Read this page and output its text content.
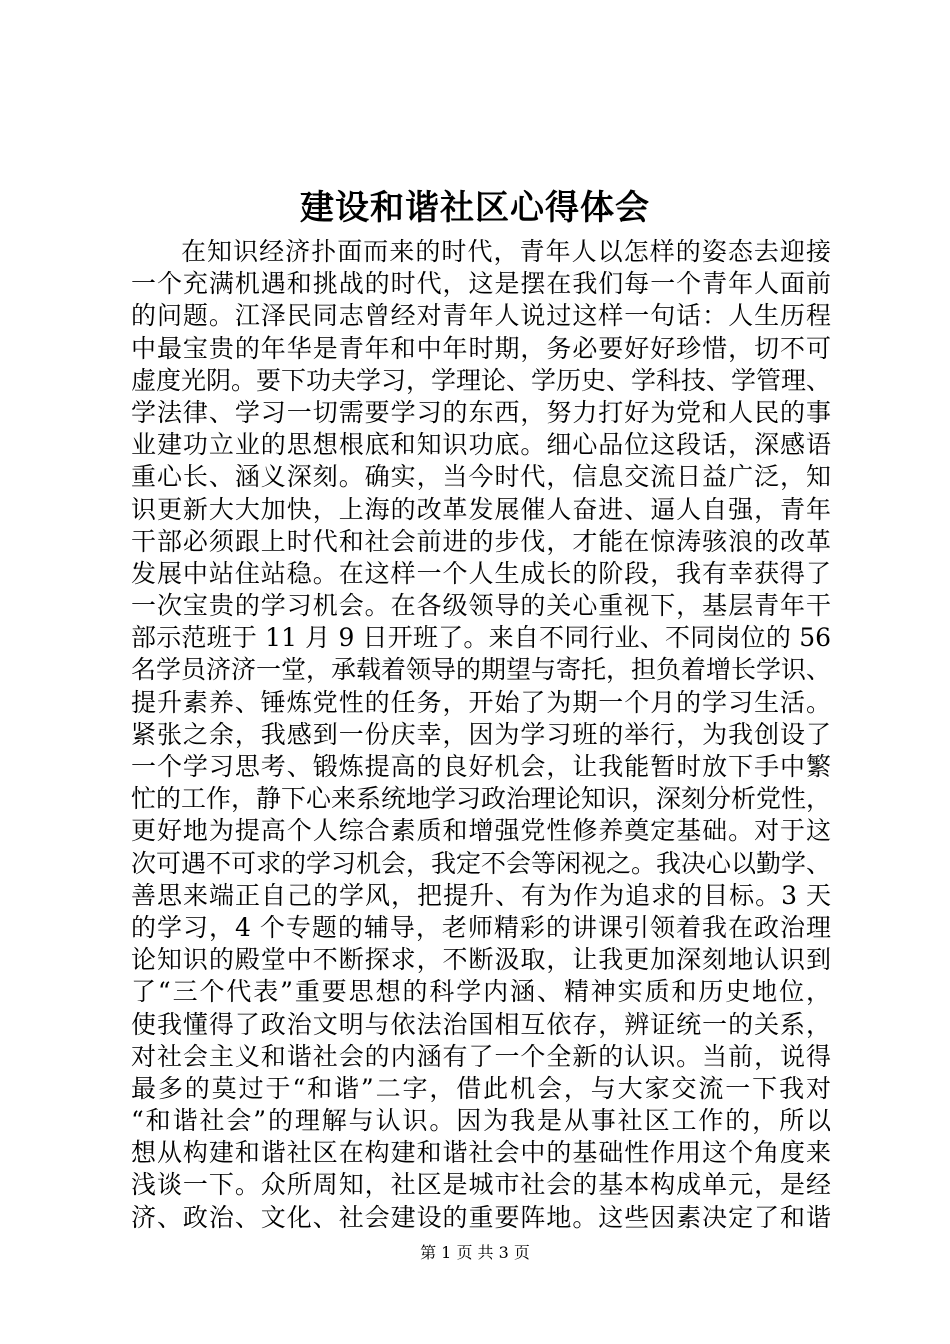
建设和谐社区心得体会
在知识经济扑面而来的时代，青年人以怎样的姿态去迎接
一个充满机遇和挑战的时代，这是摆在我们每一个青年人面前
的问题。江泽民同志曾经对青年人说过这样一句话：人生历程
中最宝贵的年华是青年和中年时期，务必要好好珍惜，切不可
虚度光阴。要下功夫学习，学理论、学历史、学科技、学管理、
学法律、学习一切需要学习的东西，努力打好为党和人民的事
业建功立业的思想根底和知识功底。细心品位这段话，深感语
重心长、涵义深刻。确实，当今时代，信息交流日益广泛，知
识更新大大加快，上海的改革发展催人奋进、逼人自强，青年
干部必须跟上时代和社会前进的步伐，才能在惊涛骇浪的改革
发展中站住站稳。在这样一个人生成长的阶段，我有幸获得了
一次宝贵的学习机会。在各级领导的关心重视下，基层青年干
部示范班于 11 月 9 日开班了。来自不同行业、不同岗位的 56
名学员济济一堂，承载着领导的期望与寄托，担负着增长学识、
提升素养、锤炼党性的任务，开始了为期一个月的学习生活。
紧张之余，我感到一份庆幸，因为学习班的举行，为我创设了
一个学习思考、锻炼提高的良好机会，让我能暂时放下手中繁
忙的工作，静下心来系统地学习政治理论知识，深刻分析党性，
更好地为提高个人综合素质和增强党性修养奠定基础。对于这
次可遇不可求的学习机会，我定不会等闲视之。我决心以勤学、
善思来端正自己的学风，把提升、有为作为追求的目标。3 天
的学习，4 个专题的辅导，老师精彩的讲课引领着我在政治理
论知识的殿堂中不断探求，不断汲取，让我更加深刻地认识到
了“三个代表”重要思想的科学内涵、精神实质和历史地位，
使我懂得了政治文明与依法治国相互依存，辨证统一的关系，
对社会主义和谐社会的内涵有了一个全新的认识。当前，说得
最多的莫过于“和谐”二字，借此机会，与大家交流一下我对
“和谐社会”的理解与认识。因为我是从事社区工作的，所以
想从构建和谐社区在构建和谐社会中的基础性作用这个角度来
浅谈一下。众所周知，社区是城市社会的基本构成单元，是经
济、政治、文化、社会建设的重要阵地。这些因素决定了和谐
第 1 页 共 3 页
